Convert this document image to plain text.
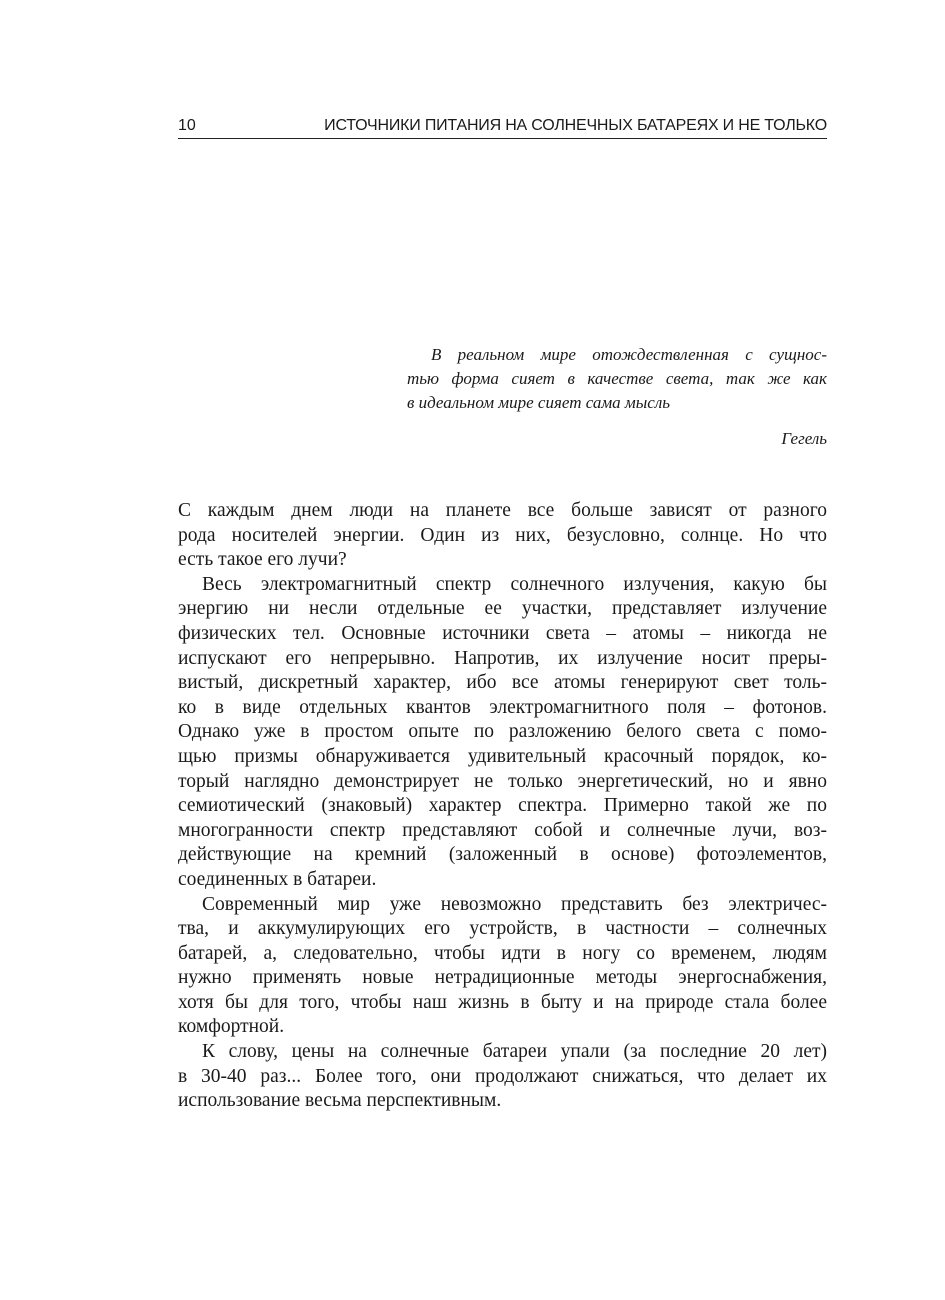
10	ИСТОЧНИКИ ПИТАНИЯ НА СОЛНЕЧНЫХ БАТАРЕЯХ И НЕ ТОЛЬКО
В реальном мире отождествленная с сущнос-
тью форма сияет в качестве света, так же как
в идеальном мире сияет сама мысль
Гегель
С каждым днем люди на планете все больше зависят от разного
рода носителей энергии. Один из них, безусловно, солнце. Но что
есть такое его лучи?
Весь электромагнитный спектр солнечного излучения, какую бы
энергию ни несли отдельные ее участки, представляет излучение
физических тел. Основные источники света – атомы – никогда не
испускают его непрерывно. Напротив, их излучение носит преры-
вистый, дискретный характер, ибо все атомы генерируют свет толь-
ко в виде отдельных квантов электромагнитного поля – фотонов.
Однако уже в простом опыте по разложению белого света с помо-
щью призмы обнаруживается удивительный красочный порядок, ко-
торый наглядно демонстрирует не только энергетический, но и явно
семиотический (знаковый) характер спектра. Примерно такой же по
многогранности спектр представляют собой и солнечные лучи, воз-
действующие на кремний (заложенный в основе) фотоэлементов,
соединенных в батареи.
Современный мир уже невозможно представить без электричес-
тва, и аккумулирующих его устройств, в частности – солнечных
батарей, а, следовательно, чтобы идти в ногу со временем, людям
нужно применять новые нетрадиционные методы энергоснабжения,
хотя бы для того, чтобы наш жизнь в быту и на природе стала более
комфортной.
К слову, цены на солнечные батареи упали (за последние 20 лет)
в 30-40 раз... Более того, они продолжают снижаться, что делает их
использование весьма перспективным.
